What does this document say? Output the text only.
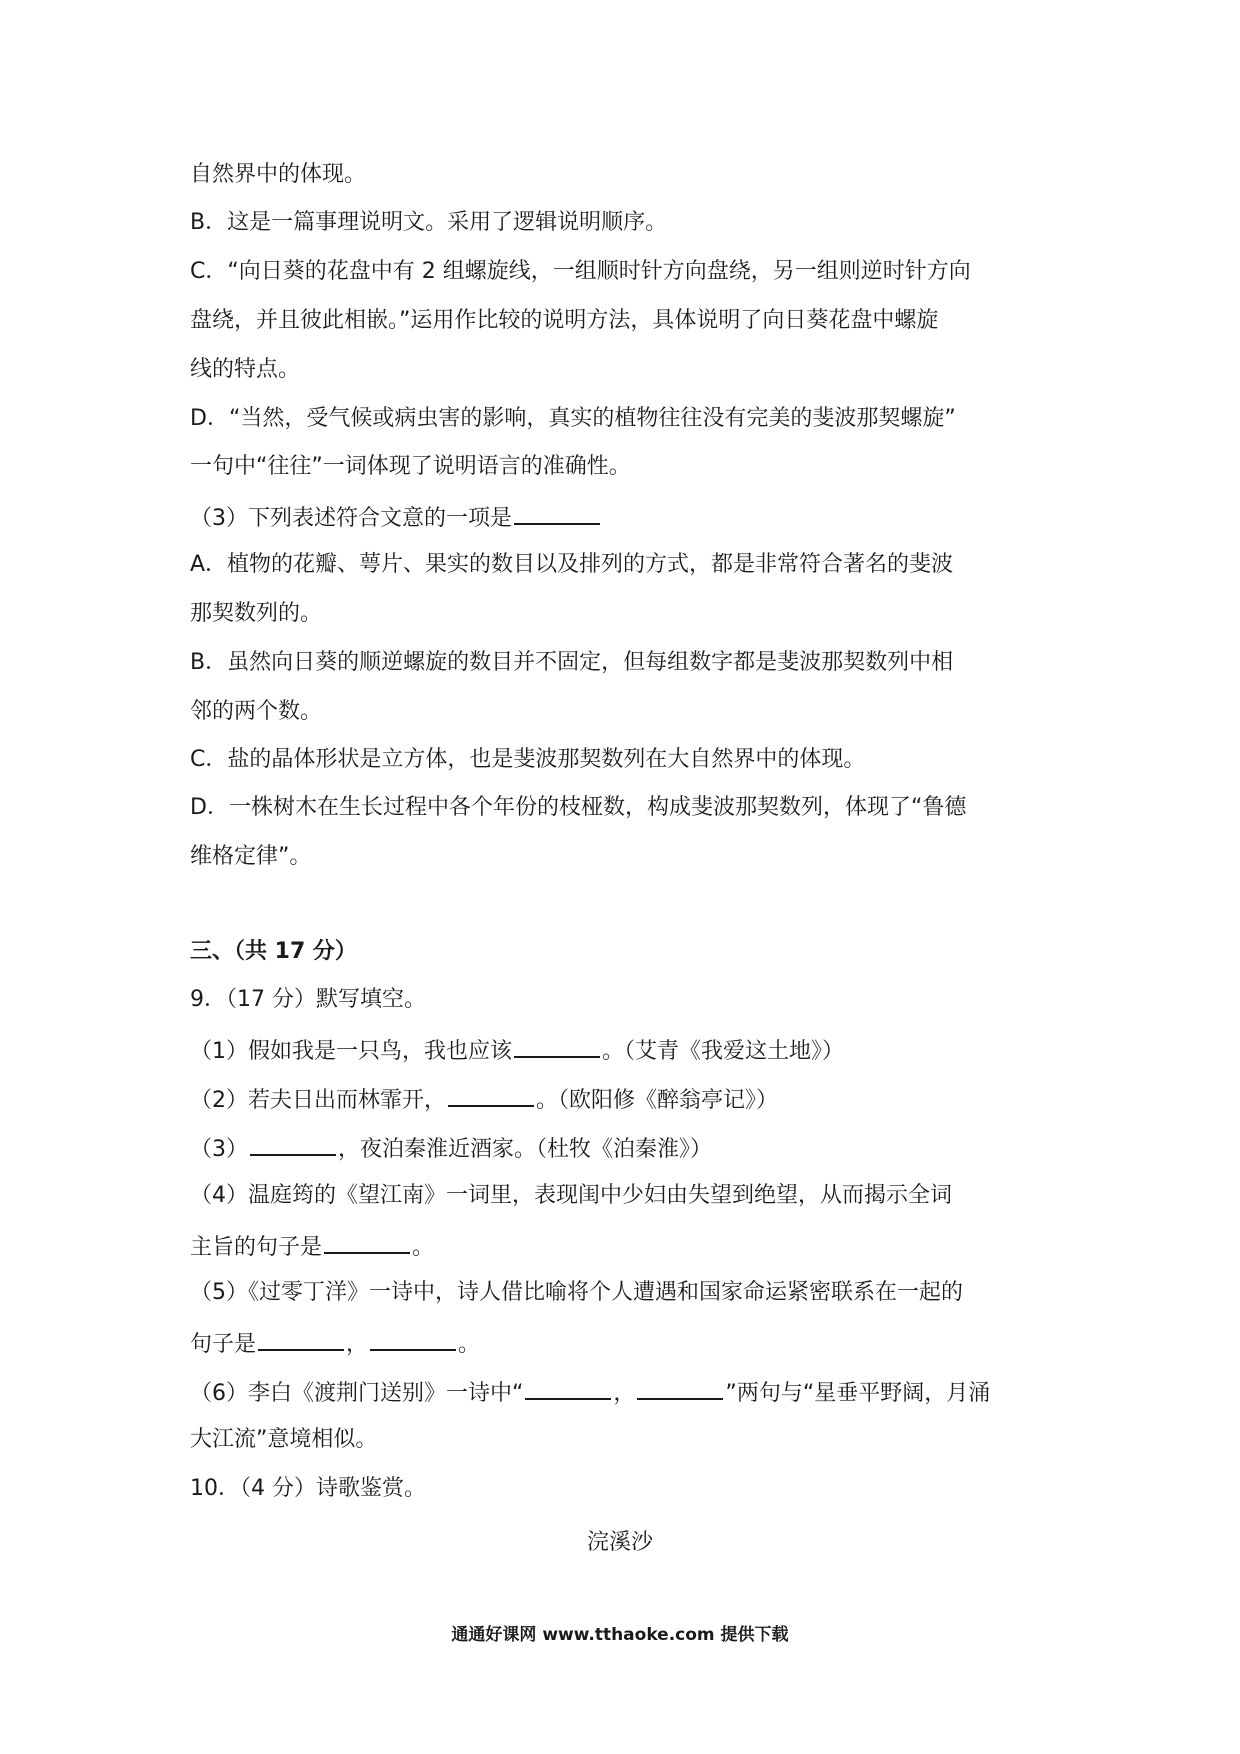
自然界中的体现。
B．这是一篇事理说明文。采用了逻辑说明顺序。
C．“向日葵的花盘中有 2 组螺旋线，一组顺时针方向盘绕，另一组则逆时针方向
盘绕，并且彼此相嵌。”运用作比较的说明方法，具体说明了向日葵花盘中螺旋
线的特点。
D．“当然，受气候或病虫害的影响，真实的植物往往没有完美的斐波那契螺旋”
一句中“往往”一词体现了说明语言的准确性。
（3）下列表述符合文意的一项是
A．植物的花瓣、萼片、果实的数目以及排列的方式，都是非常符合著名的斐波
那契数列的。
B．虽然向日葵的顺逆螺旋的数目并不固定，但每组数字都是斐波那契数列中相
邻的两个数。
C．盐的晶体形状是立方体，也是斐波那契数列在大自然界中的体现。
D．一株树木在生长过程中各个年份的枝桠数，构成斐波那契数列，体现了“鲁德
维格定律”。
三、（共 17 分）
9．（17 分）默写填空。
（1）假如我是一只鸟，我也应该	。（艾青《我爱这土地》）
（2）若夫日出而林霏开，	。（欧阳修《醉翁亭记》）
（3）	，夜泊秦淮近酒家。（杜牧《泊秦淮》）
（4）温庭筠的《望江南》一词里，表现闺中少妇由失望到绝望，从而揭示全词
主旨的句子是	。
（5）《过零丁洋》一诗中，诗人借比喻将个人遭遇和国家命运紧密联系在一起的
句子是	，	。
（6）李白《渡荆门送别》一诗中“	，	”两句与“星垂平野阔，月涌
大江流”意境相似。
10．（4 分）诗歌鉴赏。
浣溪沙
通通好课网 www.tthaoke.com 提供下载
